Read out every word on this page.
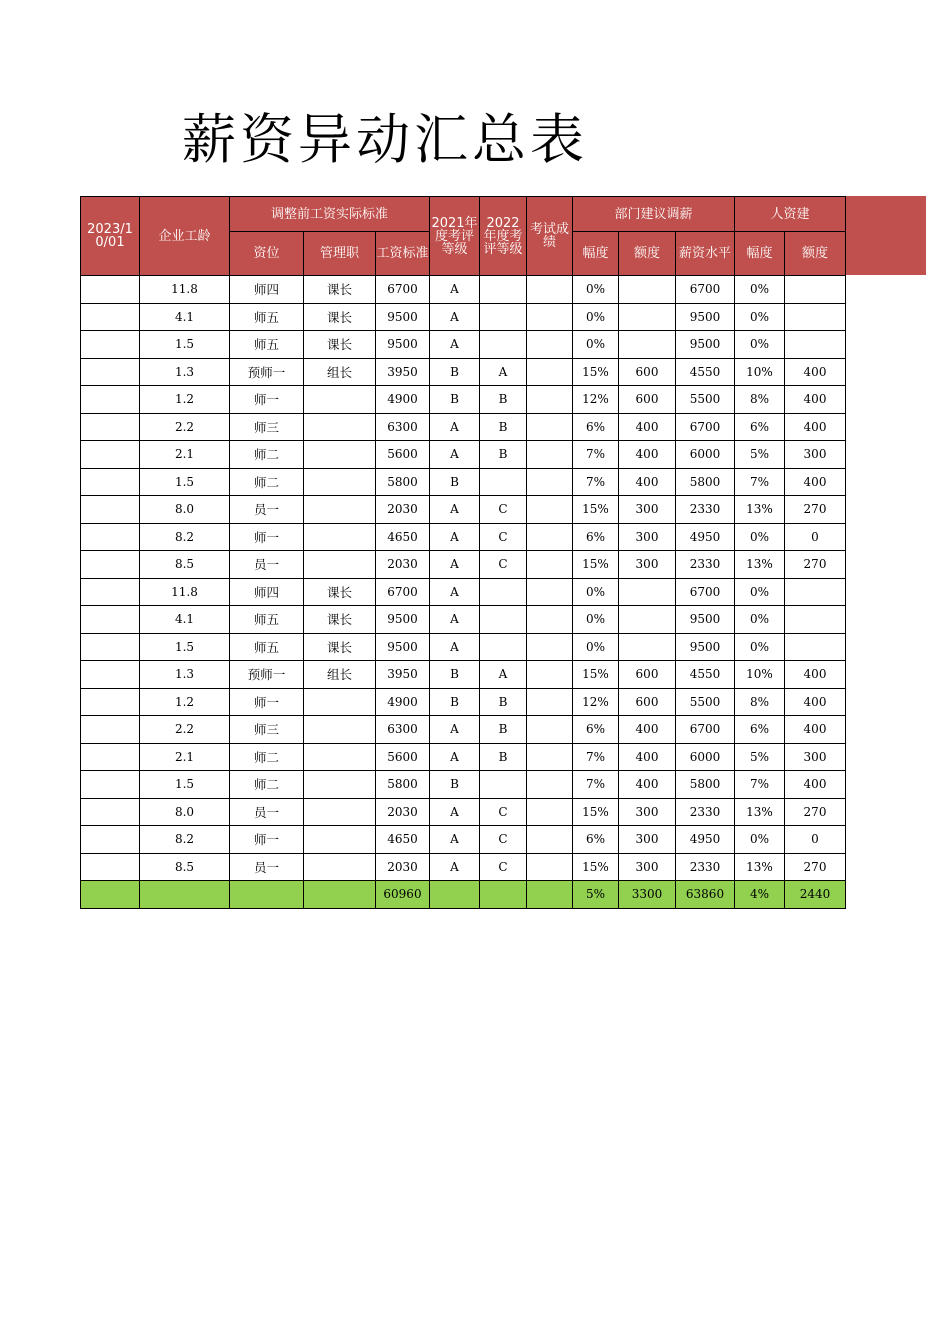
薪资异动汇总表
2023/10/01	企业工龄	调整前工资实际标准			2021年度考评等级	2022年度考评等级	考试成绩	部门建议调薪			人资建	
		资位	管理职	工资标准				幅度	额度	薪资水平	幅度	额度
	11.8	师四	课长	6700	A			0%		6700	0%	
	4.1	师五	课长	9500	A			0%		9500	0%	
	1.5	师五	课长	9500	A			0%		9500	0%	
	1.3	预师一	组长	3950	B	A		15%	600	4550	10%	400
	1.2	师一		4900	B	B		12%	600	5500	8%	400
	2.2	师三		6300	A	B		6%	400	6700	6%	400
	2.1	师二		5600	A	B		7%	400	6000	5%	300
	1.5	师二		5800	B			7%	400	5800	7%	400
	8.0	员一		2030	A	C		15%	300	2330	13%	270
	8.2	师一		4650	A	C		6%	300	4950	0%	0
	8.5	员一		2030	A	C		15%	300	2330	13%	270
	11.8	师四	课长	6700	A			0%		6700	0%	
	4.1	师五	课长	9500	A			0%		9500	0%	
	1.5	师五	课长	9500	A			0%		9500	0%	
	1.3	预师一	组长	3950	B	A		15%	600	4550	10%	400
	1.2	师一		4900	B	B		12%	600	5500	8%	400
	2.2	师三		6300	A	B		6%	400	6700	6%	400
	2.1	师二		5600	A	B		7%	400	6000	5%	300
	1.5	师二		5800	B			7%	400	5800	7%	400
	8.0	员一		2030	A	C		15%	300	2330	13%	270
	8.2	师一		4650	A	C		6%	300	4950	0%	0
	8.5	员一		2030	A	C		15%	300	2330	13%	270
				60960				5%	3300	63860	4%	2440
